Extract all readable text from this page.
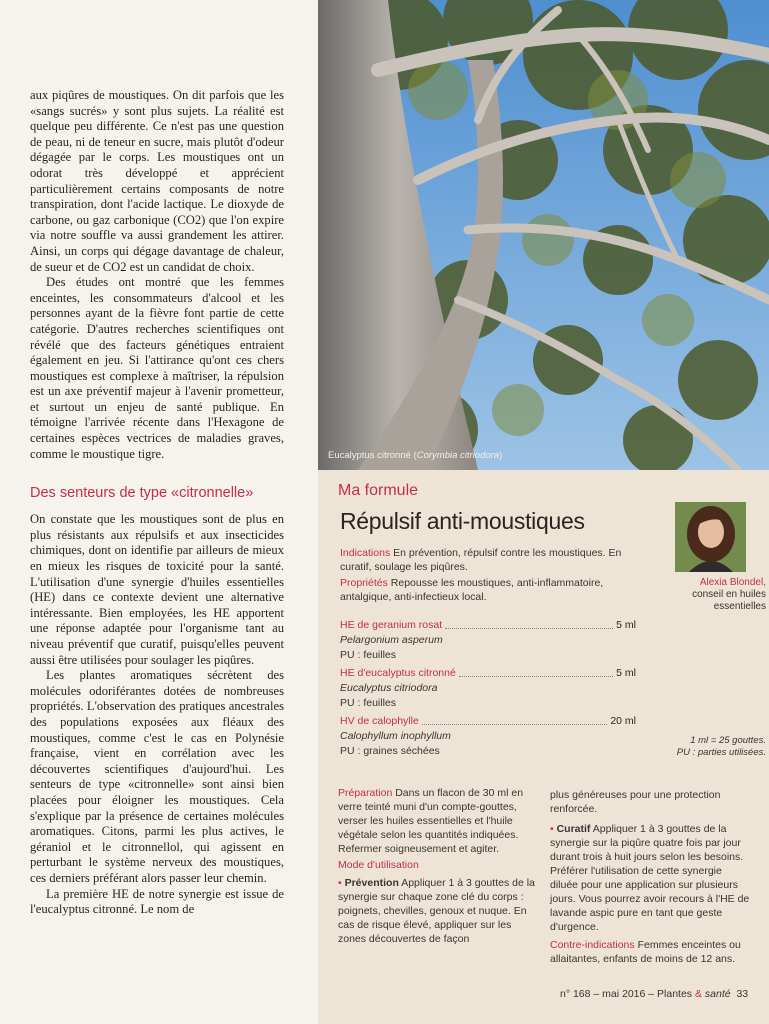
aux piqûres de moustiques. On dit parfois que les «sangs sucrés» y sont plus sujets. La réalité est quelque peu différente. Ce n'est pas une question de peau, ni de teneur en sucre, mais plutôt d'odeur dégagée par le corps. Les moustiques ont un odorat très développé et apprécient particulièrement certains composants de notre transpiration, dont l'acide lactique. Le dioxyde de carbone, ou gaz carbonique (CO2) que l'on expire via notre souffle va aussi grandement les attirer. Ainsi, un corps qui dégage davantage de chaleur, de sueur et de CO2 est un candidat de choix.

Des études ont montré que les femmes enceintes, les consommateurs d'alcool et les personnes ayant de la fièvre font partie de cette catégorie. D'autres recherches scientifiques ont révélé que des facteurs génétiques entraient également en jeu. Si l'attirance qu'ont ces chers moustiques est complexe à maîtriser, la répulsion est un axe préventif majeur à l'avenir prometteur, et surtout un enjeu de santé publique. En témoigne l'arrivée récente dans l'Hexagone de certaines espèces vectrices de maladies graves, comme le moustique tigre.

Des senteurs de type «citronnelle»

On constate que les moustiques sont de plus en plus résistants aux répulsifs et aux insecticides chimiques, dont on identifie par ailleurs de mieux en mieux les risques de toxicité pour la santé. L'utilisation d'une synergie d'huiles essentielles (HE) dans ce contexte devient une alternative intéressante. Bien employées, les HE apportent une réponse adaptée pour l'organisme tant au niveau préventif que curatif, puisqu'elles peuvent aussi être utilisées pour soulager les piqûres.

Les plantes aromatiques sécrètent des molécules odoriférantes dotées de nombreuses propriétés. L'observation des pratiques ancestrales des populations exposées aux fléaux des moustiques, comme c'est le cas en Polynésie française, vient en corrélation avec les découvertes scientifiques d'aujourd'hui. Les senteurs de type «citronnelle» sont ainsi bien placées pour éloigner les moustiques. Cela s'explique par la présence de certaines molécules aromatiques. Citons, parmi les plus actives, le géraniol et le citronnellol, qui agissent en perturbant le système nerveux des moustiques, ces derniers préférant alors passer leur chemin.

La première HE de notre synergie est issue de l'eucalyptus citronné. Le nom de

Eucalyptus citronné (Corymbia citriodora)
Ma formule
Répulsif anti-moustiques
Indications En prévention, répulsif contre les moustiques. En curatif, soulage les piqûres.
Propriétés Repousse les moustiques, anti-inflammatoire, antalgique, anti-infectieux local.
HE de geranium rosat	5 ml
Pelargonium asperum
PU : feuilles
HE d'eucalyptus citronné	5 ml
Eucalyptus citriodora
PU : feuilles
HV de calophylle	20 ml
Calophyllum inophyllum
PU : graines séchées
Alexia Blondel,
conseil en huiles essentielles
1 ml = 25 gouttes.
PU : parties utilisées.
Préparation Dans un flacon de 30 ml en verre teinté muni d'un compte-gouttes, verser les huiles essentielles et l'huile végétale selon les quantités indiquées. Refermer soigneusement et agiter.
Mode d'utilisation
• Prévention Appliquer 1 à 3 gouttes de la synergie sur chaque zone clé du corps : poignets, chevilles, genoux et nuque. En cas de risque élevé, appliquer sur les zones découvertes de façon
plus généreuses pour une protection renforcée.
• Curatif Appliquer 1 à 3 gouttes de la synergie sur la piqûre quatre fois par jour durant trois à huit jours selon les besoins. Préférer l'utilisation de cette synergie diluée pour une application sur plusieurs jours. Vous pourrez avoir recours à l'HE de lavande aspic pure en tant que geste d'urgence.
Contre-indications Femmes enceintes ou allaitantes, enfants de moins de 12 ans.
n° 168 – mai 2016 – Plantes & santé 33
